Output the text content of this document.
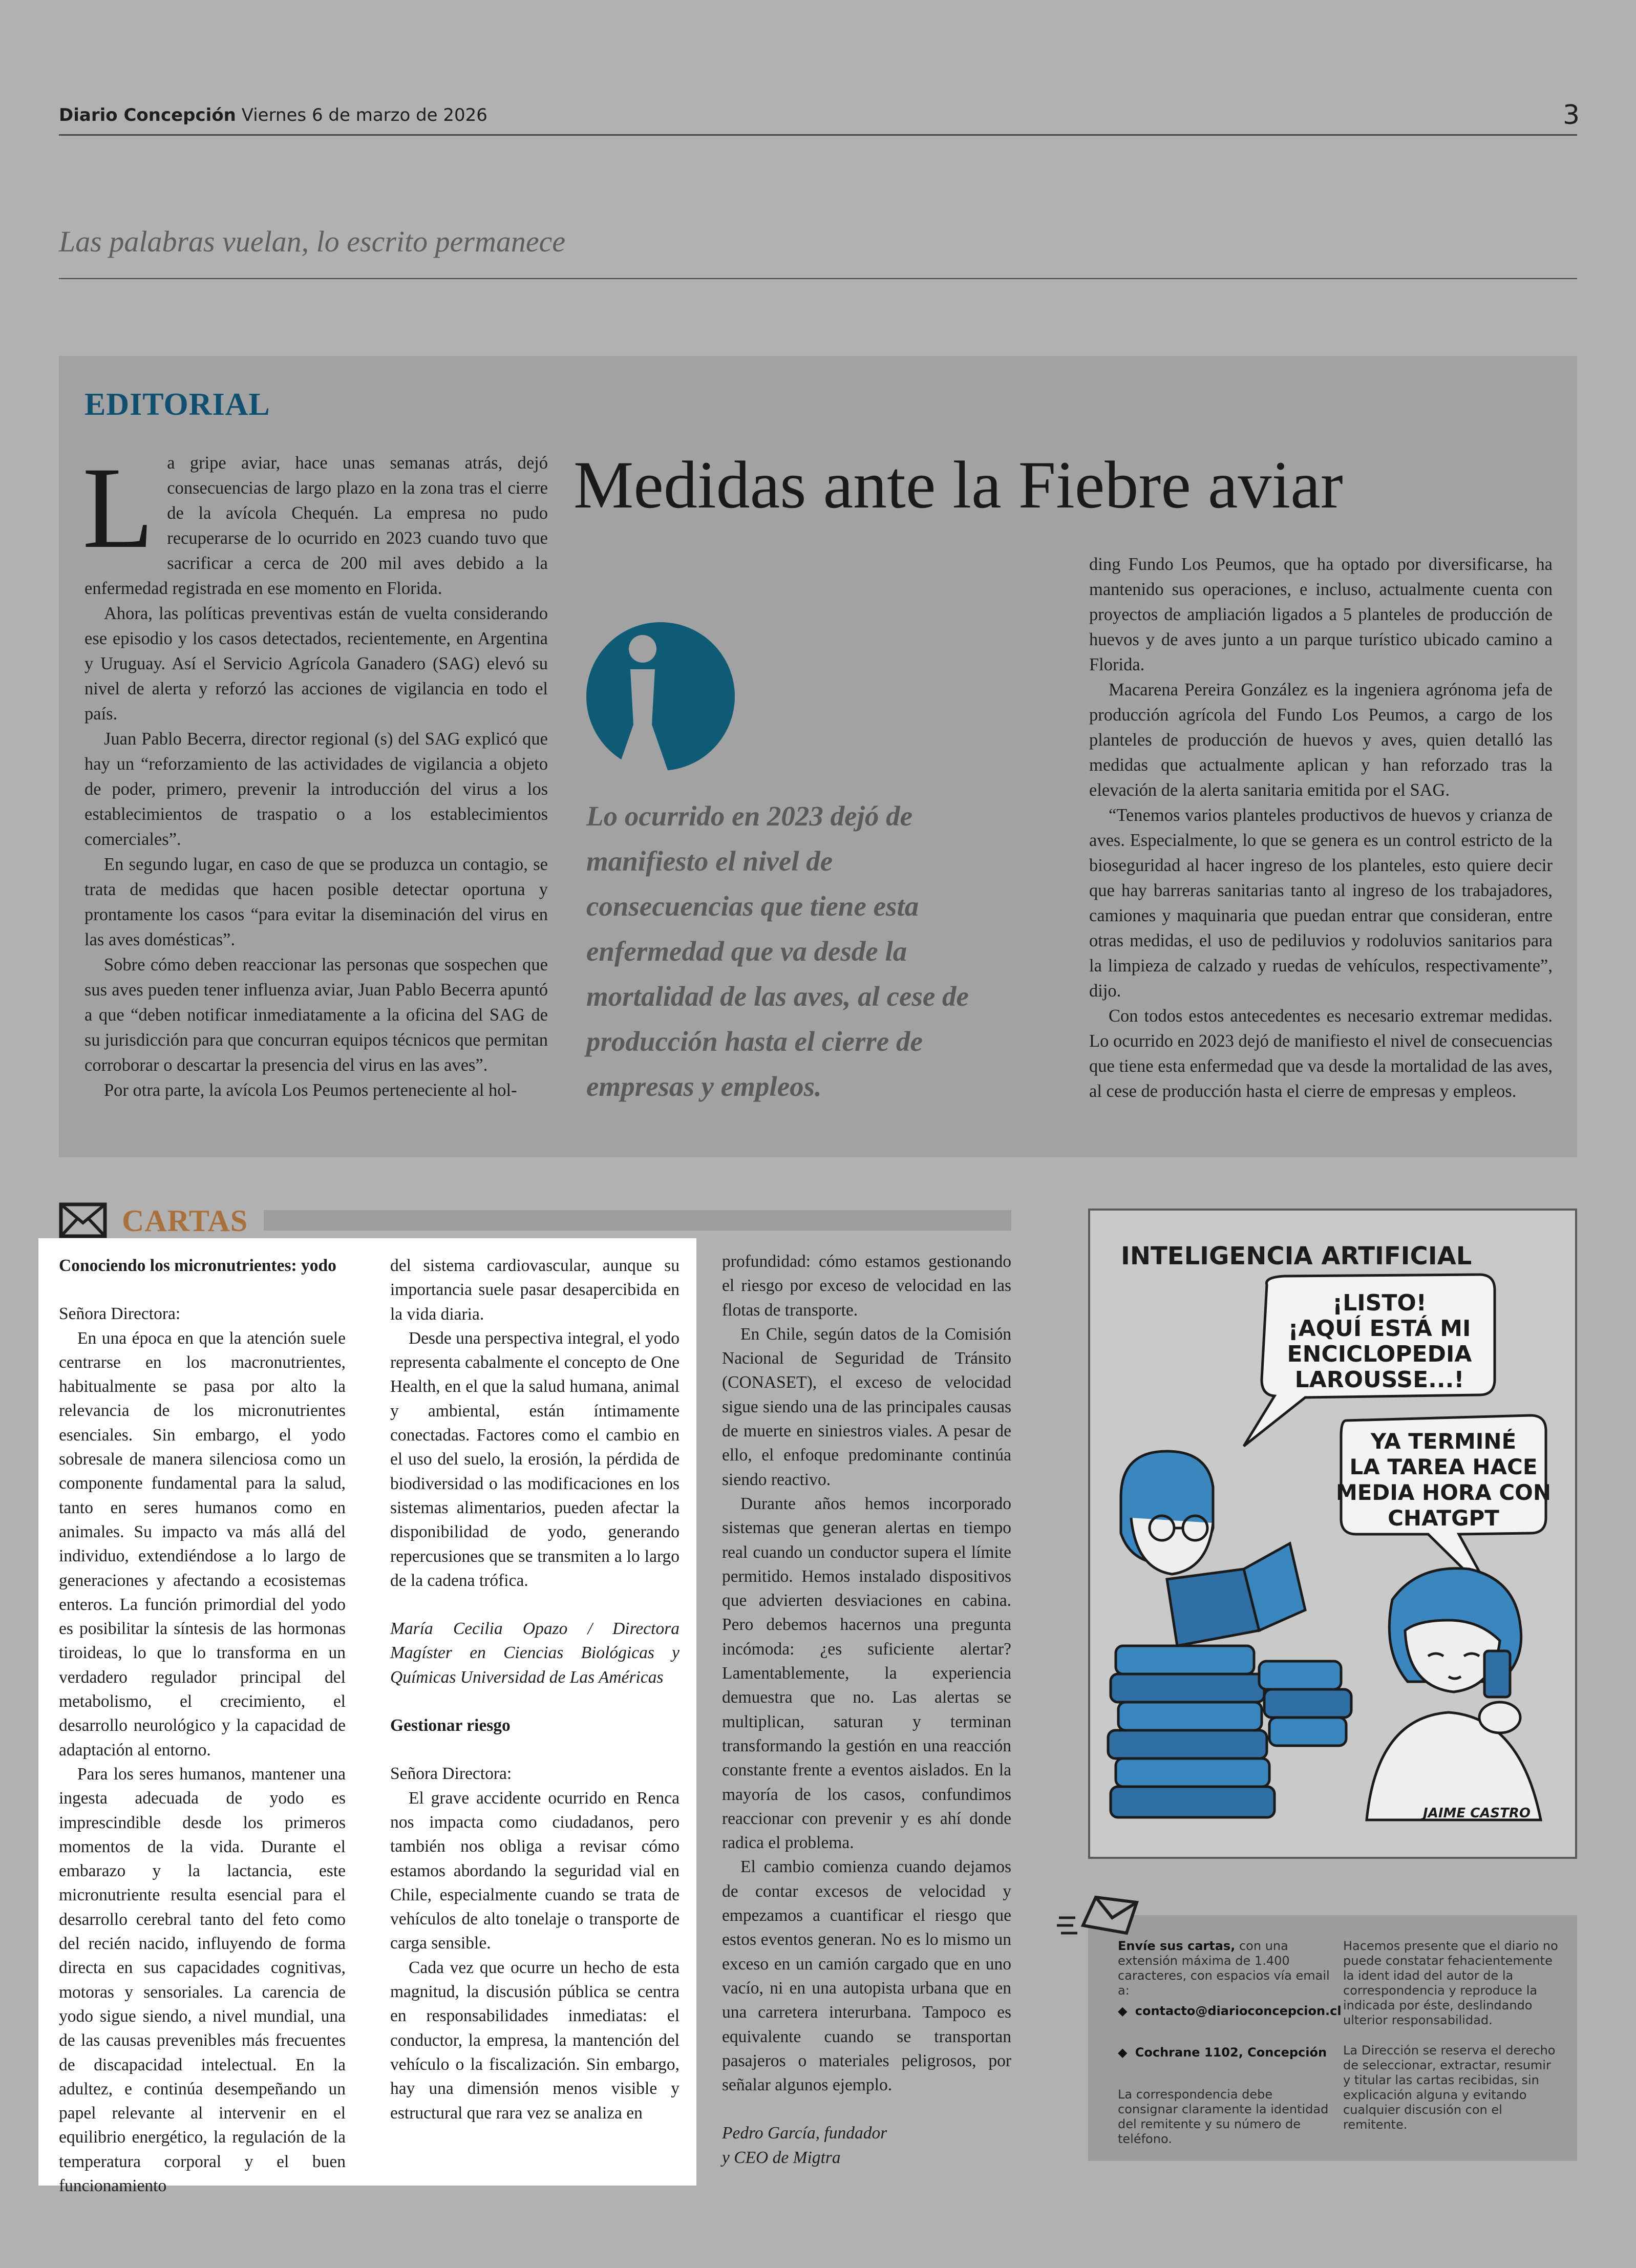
Diario Concepción Viernes 6 de marzo de 2026	3
Las palabras vuelan, lo escrito permanece
EDITORIAL
Medidas ante la Fiebre aviar

La gripe aviar, hace unas semanas atrás, dejó consecuencias de largo plazo en la zona tras el cierre de la avícola Chequén. La empresa no pudo recuperarse de lo ocurrido en 2023 cuando tuvo que sacrificar a cerca de 200 mil aves debido a la enfermedad registrada en ese momento en Florida.

Ahora, las políticas preventivas están de vuelta considerando ese episodio y los casos detectados, recientemente, en Argentina y Uruguay. Así el Servicio Agrícola Ganadero (SAG) elevó su nivel de alerta y reforzó las acciones de vigilancia en todo el país.

Juan Pablo Becerra, director regional (s) del SAG explicó que hay un “reforzamiento de las actividades de vigilancia a objeto de poder, primero, prevenir la introducción del virus a los establecimientos de traspatio o a los establecimientos comerciales”.

En segundo lugar, en caso de que se produzca un contagio, se trata de medidas que hacen posible detectar oportuna y prontamente los casos “para evitar la diseminación del virus en las aves domésticas”.

Sobre cómo deben reaccionar las personas que sospechen que sus aves pueden tener influenza aviar, Juan Pablo Becerra apuntó a que “deben notificar inmediatamente a la oficina del SAG de su jurisdicción para que concurran equipos técnicos que permitan corroborar o descartar la presencia del virus en las aves”.

Por otra parte, la avícola Los Peumos perteneciente al hol-

Lo ocurrido en 2023 dejó de manifiesto el nivel de consecuencias que tiene esta enfermedad que va desde la mortalidad de las aves, al cese de producción hasta el cierre de empresas y empleos.

ding Fundo Los Peumos, que ha optado por diversificarse, ha mantenido sus operaciones, e incluso, actualmente cuenta con proyectos de ampliación ligados a 5 planteles de producción de huevos y de aves junto a un parque turístico ubicado camino a Florida.

Macarena Pereira González es la ingeniera agrónoma jefa de producción agrícola del Fundo Los Peumos, a cargo de los planteles de producción de huevos y aves, quien detalló las medidas que actualmente aplican y han reforzado tras la elevación de la alerta sanitaria emitida por el SAG.

“Tenemos varios planteles productivos de huevos y crianza de aves. Especialmente, lo que se genera es un control estricto de la bioseguridad al hacer ingreso de los planteles, esto quiere decir que hay barreras sanitarias tanto al ingreso de los trabajadores, camiones y maquinaria que puedan entrar que consideran, entre otras medidas, el uso de pediluvios y rodoluvios sanitarios para la limpieza de calzado y ruedas de vehículos, respectivamente”, dijo.

Con todos estos antecedentes es necesario extremar medidas. Lo ocurrido en 2023 dejó de manifiesto el nivel de consecuencias que tiene esta enfermedad que va desde la mortalidad de las aves, al cese de producción hasta el cierre de empresas y empleos.

CARTAS

Conociendo los micronutrientes: yodo

Señora Directora:

En una época en que la atención suele centrarse en los macronutrientes, habitualmente se pasa por alto la relevancia de los micronutrientes esenciales. Sin embargo, el yodo sobresale de manera silenciosa como un componente fundamental para la salud, tanto en seres humanos como en animales. Su impacto va más allá del individuo, extendiéndose a lo largo de generaciones y afectando a ecosistemas enteros. La función primordial del yodo es posibilitar la síntesis de las hormonas tiroideas, lo que lo transforma en un verdadero regulador principal del metabolismo, el crecimiento, el desarrollo neurológico y la capacidad de adaptación al entorno.

Para los seres humanos, mantener una ingesta adecuada de yodo es imprescindible desde los primeros momentos de la vida. Durante el embarazo y la lactancia, este micronutriente resulta esencial para el desarrollo cerebral tanto del feto como del recién nacido, influyendo de forma directa en sus capacidades cognitivas, motoras y sensoriales. La carencia de yodo sigue siendo, a nivel mundial, una de las causas prevenibles más frecuentes de discapacidad intelectual. En la adultez, e continúa desempeñando un papel relevante al intervenir en el equilibrio energético, la regulación de la temperatura corporal y el buen funcionamiento

del sistema cardiovascular, aunque su importancia suele pasar desapercibida en la vida diaria.

Desde una perspectiva integral, el yodo representa cabalmente el concepto de One Health, en el que la salud humana, animal y ambiental, están íntimamente conectadas. Factores como el cambio en el uso del suelo, la erosión, la pérdida de biodiversidad o las modificaciones en los sistemas alimentarios, pueden afectar la disponibilidad de yodo, generando repercusiones que se transmiten a lo largo de la cadena trófica.

María Cecilia Opazo / Directora Magíster en Ciencias Biológicas y Químicas Universidad de Las Américas

Gestionar riesgo

Señora Directora:

El grave accidente ocurrido en Renca nos impacta como ciudadanos, pero también nos obliga a revisar cómo estamos abordando la seguridad vial en Chile, especialmente cuando se trata de vehículos de alto tonelaje o transporte de carga sensible.

Cada vez que ocurre un hecho de esta magnitud, la discusión pública se centra en responsabilidades inmediatas: el conductor, la empresa, la mantención del vehículo o la fiscalización. Sin embargo, hay una dimensión menos visible y estructural que rara vez se analiza en

profundidad: cómo estamos gestionando el riesgo por exceso de velocidad en las flotas de transporte.

En Chile, según datos de la Comisión Nacional de Seguridad de Tránsito (CONASET), el exceso de velocidad sigue siendo una de las principales causas de muerte en siniestros viales. A pesar de ello, el enfoque predominante continúa siendo reactivo.

Durante años hemos incorporado sistemas que generan alertas en tiempo real cuando un conductor supera el límite permitido. Hemos instalado dispositivos que advierten desviaciones en cabina. Pero debemos hacernos una pregunta incómoda: ¿es suficiente alertar? Lamentablemente, la experiencia demuestra que no. Las alertas se multiplican, saturan y terminan transformando la gestión en una reacción constante frente a eventos aislados. En la mayoría de los casos, confundimos reaccionar con prevenir y es ahí donde radica el problema.

El cambio comienza cuando dejamos de contar excesos de velocidad y empezamos a cuantificar el riesgo que estos eventos generan. No es lo mismo un exceso en un camión cargado que en uno vacío, ni en una autopista urbana que en una carretera interurbana. Tampoco es equivalente cuando se transportan pasajeros o materiales peligrosos, por señalar algunos ejemplo.

Pedro García, fundador

y CEO de Migtra

INTELIGENCIA ARTIFICIAL
¡LISTO!
¡AQUÍ ESTÁ MI
ENCICLOPEDIA
LAROUSSE...!
YA TERMINÉ
LA TAREA HACE
MEDIA HORA CON
CHATGPT
JAIME CASTRO
Envíe sus cartas, con una extensión máxima de 1.400 caracteres, con espacios vía email a:
◆ contacto@diarioconcepcion.cl
◆ Cochrane 1102, Concepción
La correspondencia debe consignar claramente la identidad del remitente y su número de teléfono.
Hacemos presente que el diario no puede constatar fehacientemente la ident idad del autor de la correspondencia y reproduce la indicada por éste, deslindando ulterior responsabilidad.
La Dirección se reserva el derecho de seleccionar, extractar, resumir y titular las cartas recibidas, sin explicación alguna y evitando cualquier discusión con el remitente.
